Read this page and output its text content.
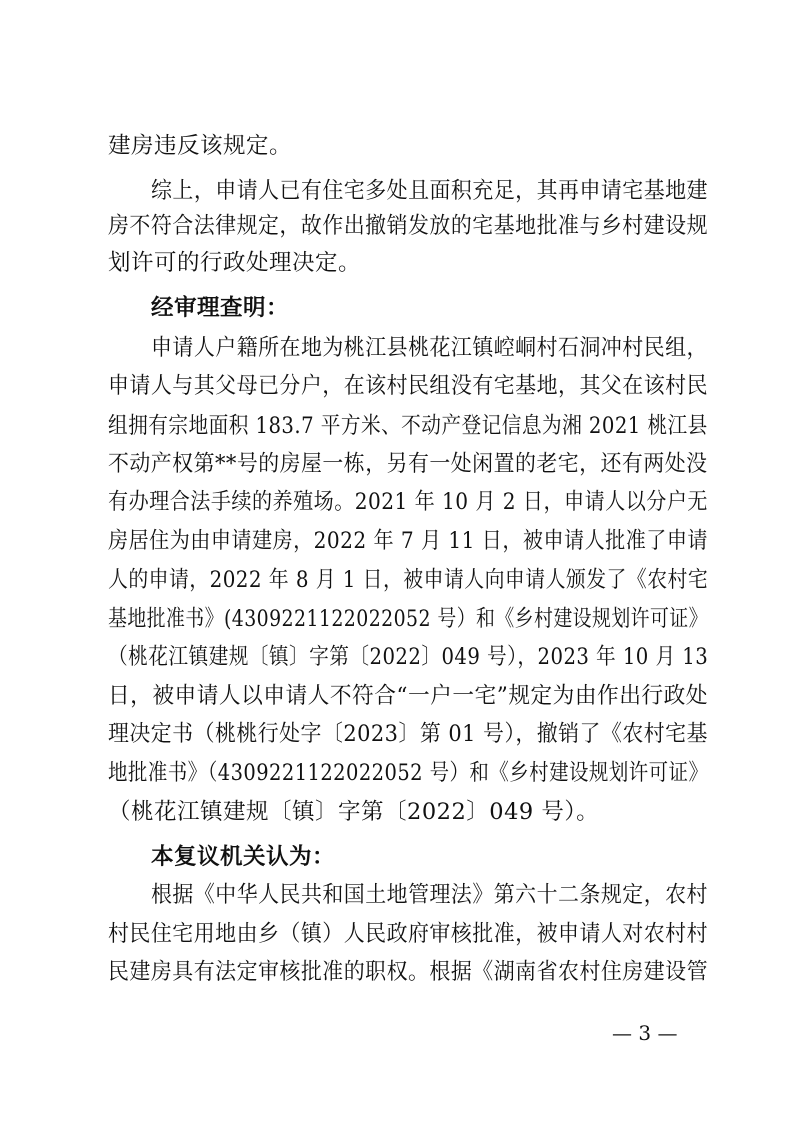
建房违反该规定。
综上，申请人已有住宅多处且面积充足，其再申请宅基地建
房不符合法律规定，故作出撤销发放的宅基地批准与乡村建设规
划许可的行政处理决定。
经审理查明：
申请人户籍所在地为桃江县桃花江镇崆峒村石洞冲村民组，
申请人与其父母已分户，在该村民组没有宅基地，其父在该村民
组拥有宗地面积 183.7 平方米、不动产登记信息为湘 2021 桃江县
不动产权第**号的房屋一栋，另有一处闲置的老宅，还有两处没
有办理合法手续的养殖场。2021 年 10 月 2 日，申请人以分户无
房居住为由申请建房，2022 年 7 月 11 日，被申请人批准了申请
人的申请，2022 年 8 月 1 日，被申请人向申请人颁发了《农村宅
基地批准书》(4309221122022052 号）和《乡村建设规划许可证》
（桃花江镇建规〔镇〕字第〔2022〕049 号），2023 年 10 月 13
日，被申请人以申请人不符合“一户一宅”规定为由作出行政处
理决定书（桃桃行处字〔2023〕第 01 号），撤销了《农村宅基
地批准书》（4309221122022052 号）和《乡村建设规划许可证》
（桃花江镇建规〔镇〕字第〔2022〕049 号）。
本复议机关认为：
根据《中华人民共和国土地管理法》第六十二条规定，农村
村民住宅用地由乡（镇）人民政府审核批准，被申请人对农村村
民建房具有法定审核批准的职权。根据《湖南省农村住房建设管
— 3 —
